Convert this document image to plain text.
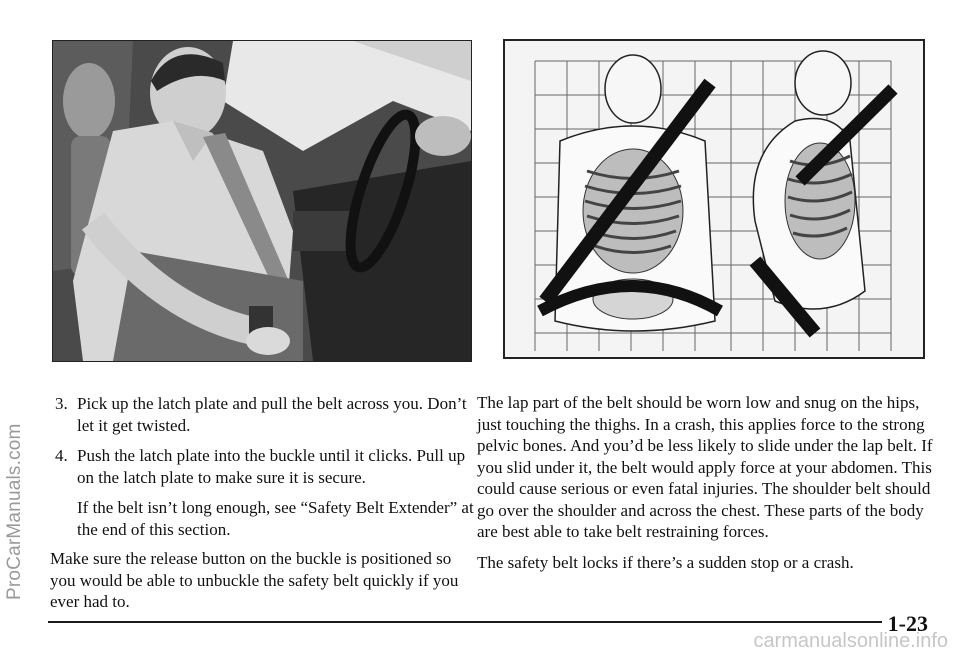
ProCarManuals.com

3. Pick up the latch plate and pull the belt across you. Don’t let it get twisted.

4. Push the latch plate into the buckle until it clicks. Pull up on the latch plate to make sure it is secure.

If the belt isn’t long enough, see “Safety Belt Extender” at the end of this section.

Make sure the release button on the buckle is positioned so you would be able to unbuckle the safety belt quickly if you ever had to.

The lap part of the belt should be worn low and snug on the hips, just touching the thighs. In a crash, this applies force to the strong pelvic bones. And you’d be less likely to slide under the lap belt. If you slid under it, the belt would apply force at your abdomen. This could cause serious or even fatal injuries. The shoulder belt should go over the shoulder and across the chest. These parts of the body are best able to take belt restraining forces.

The safety belt locks if there’s a sudden stop or a crash.

1-23
carmanualsonline.info
